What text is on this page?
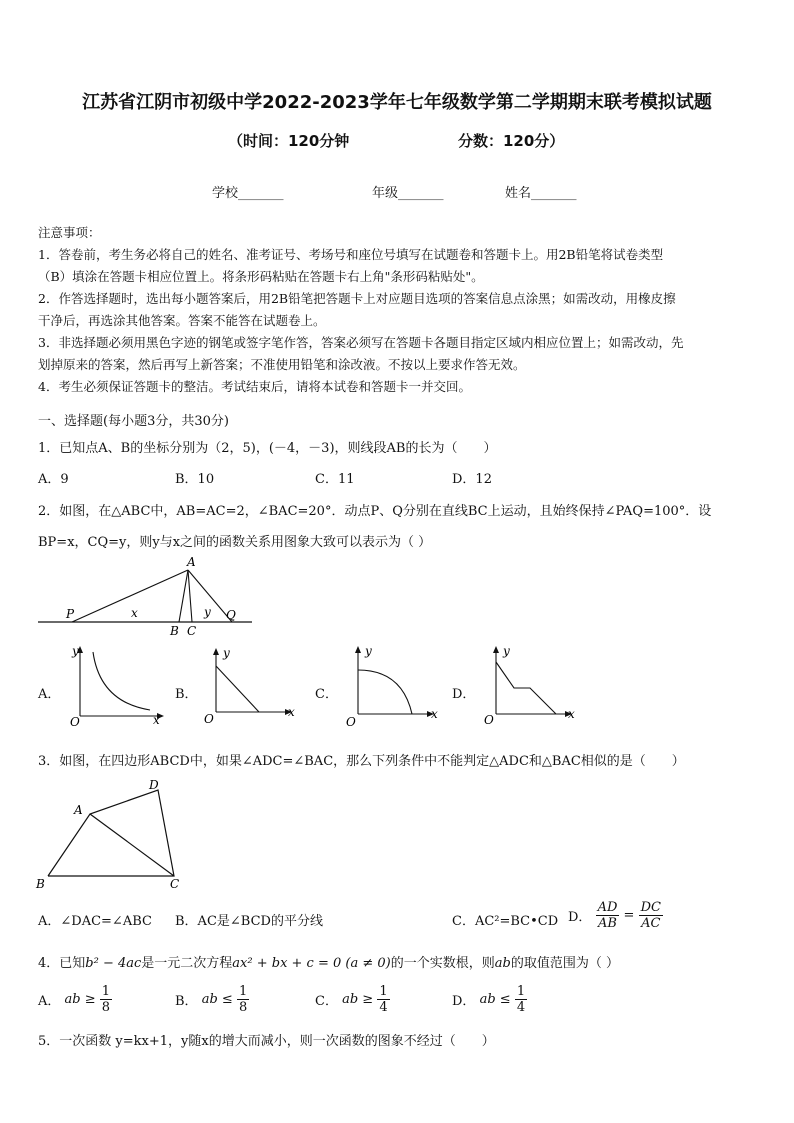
江苏省江阴市初级中学2022-2023学年七年级数学第二学期期末联考模拟试题
（时间：120分钟	分数：120分）
学校_______	年级_______	姓名_______
注意事项：
1．答卷前，考生务必将自己的姓名、准考证号、考场号和座位号填写在试题卷和答题卡上。用2B铅笔将试卷类型
（B）填涂在答题卡相应位置上。将条形码粘贴在答题卡右上角"条形码粘贴处"。
2．作答选择题时，选出每小题答案后，用2B铅笔把答题卡上对应题目选项的答案信息点涂黑；如需改动，用橡皮擦
干净后，再选涂其他答案。答案不能答在试题卷上。
3．非选择题必须用黑色字迹的钢笔或签字笔作答，答案必须写在答题卡各题目指定区域内相应位置上；如需改动，先
划掉原来的答案，然后再写上新答案；不准使用铅笔和涂改液。不按以上要求作答无效。
4．考生必须保证答题卡的整洁。考试结束后，请将本试卷和答题卡一并交回。
一、选择题(每小题3分，共30分)
1．已知点A、B的坐标分别为（2，5)，(－4，－3)，则线段AB的长为（　　）
A．9	B．10	C．11	D．12
2．如图，在△ABC中，AB=AC=2，∠BAC=20°．动点P、Q分别在直线BC上运动，且始终保持∠PAQ=100°．设
BP=x，CQ=y，则y与x之间的函数关系用图象大致可以表示为（ ）
A
P	x	y Q
B C
A．
y
x
O
B．
y
x
O
C．
y
x
O
D．
y
x
O
3．如图，在四边形ABCD中，如果∠ADC=∠BAC，那么下列条件中不能判定△ADC和△BAC相似的是（　　）
A
D
B	C
A．∠DAC=∠ABC B．AC是∠BCD的平分线	C．AC²=BC•CD D． $\frac{AD}{AB} = \frac{DC}{AC}$
4．已知b² − 4ac是一元二次方程ax² + bx + c = 0 (a ≠ 0)的一个实数根，则ab的取值范围为（ ）
A． ab ≥ $\frac{1}{8}$	B． ab ≤ $\frac{1}{8}$	C． ab ≥ $\frac{1}{4}$	D． ab ≤ $\frac{1}{4}$
5．一次函数 y=kx+1，y随x的增大而减小，则一次函数的图象不经过（　　）
